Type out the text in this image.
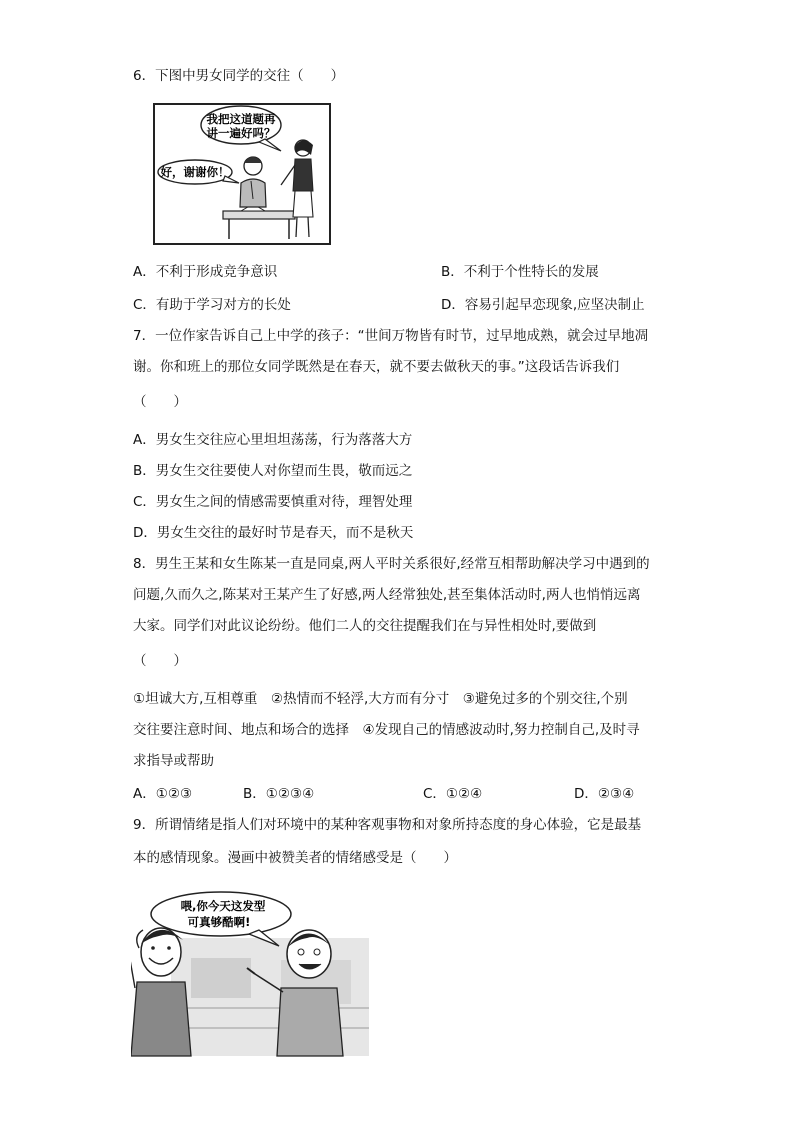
6．下图中男女同学的交往（　　）
我把这道题再
讲一遍好吗？
好，谢谢你！
A．不利于形成竞争意识	B．不利于个性特长的发展
C．有助于学习对方的长处	D．容易引起早恋现象,应坚决制止
7．一位作家告诉自己上中学的孩子：“世间万物皆有时节，过早地成熟，就会过早地凋
谢。你和班上的那位女同学既然是在春天，就不要去做秋天的事。”这段话告诉我们
（　　）
A．男女生交往应心里坦坦荡荡，行为落落大方
B．男女生交往要使人对你望而生畏，敬而远之
C．男女生之间的情感需要慎重对待，理智处理
D．男女生交往的最好时节是春天，而不是秋天
8．男生王某和女生陈某一直是同桌,两人平时关系很好,经常互相帮助解决学习中遇到的
问题,久而久之,陈某对王某产生了好感,两人经常独处,甚至集体活动时,两人也悄悄远离
大家。同学们对此议论纷纷。他们二人的交往提醒我们在与异性相处时,要做到
（　　）
①坦诚大方,互相尊重　②热情而不轻浮,大方而有分寸　③避免过多的个别交往,个别
交往要注意时间、地点和场合的选择　④发现自己的情感波动时,努力控制自己,及时寻
求指导或帮助
A．①②③	B．①②③④	C．①②④	D．②③④
9．所谓情绪是指人们对环境中的某种客观事物和对象所持态度的身心体验，它是最基
本的感情现象。漫画中被赞美者的情绪感受是（　　）
喂,你今天这发型
可真够酷啊!
